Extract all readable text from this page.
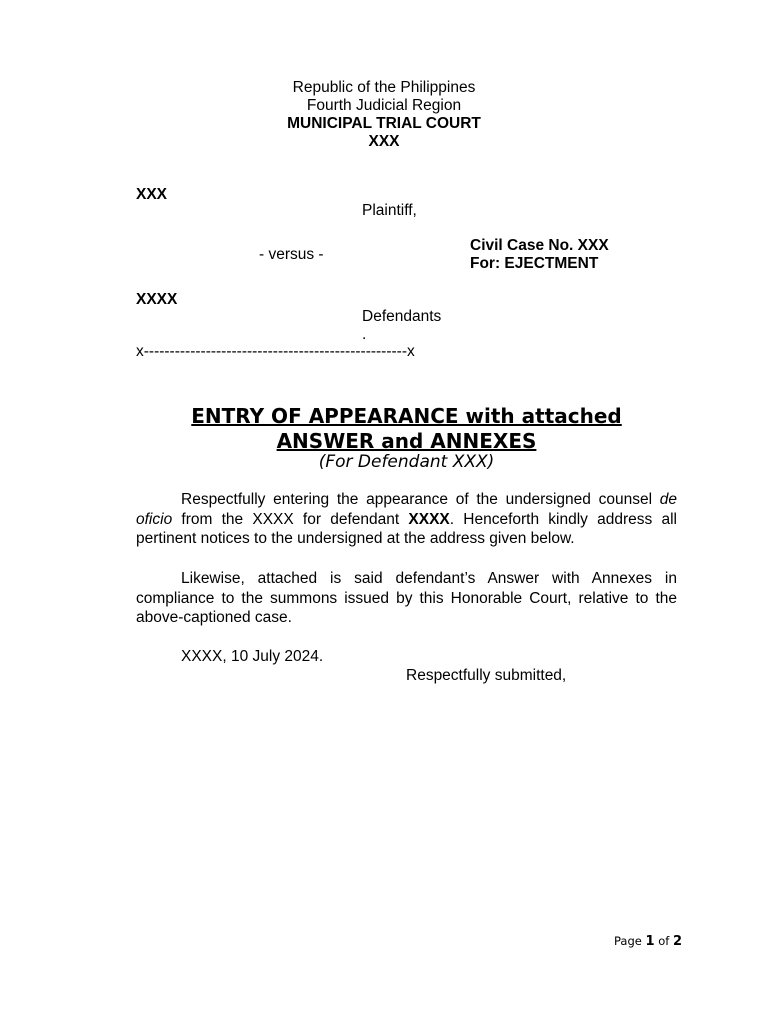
Republic of the Philippines
Fourth Judicial Region
MUNICIPAL TRIAL COURT
XXX
XXX
Plaintiff,
- versus -
Civil Case No. XXX
For: EJECTMENT
XXXX
Defendants
.
x---------------------------------------------------x
ENTRY OF APPEARANCE with attached
ANSWER and ANNEXES
(For Defendant XXX)
Respectfully entering the appearance of the undersigned counsel de oficio from the XXXX for defendant XXXX. Henceforth kindly address all pertinent notices to the undersigned at the address given below.
Likewise, attached is said defendant’s Answer with Annexes in compliance to the summons issued by this Honorable Court, relative to the above-captioned case.
XXXX, 10 July 2024.
Respectfully submitted,
Page 1 of 2
